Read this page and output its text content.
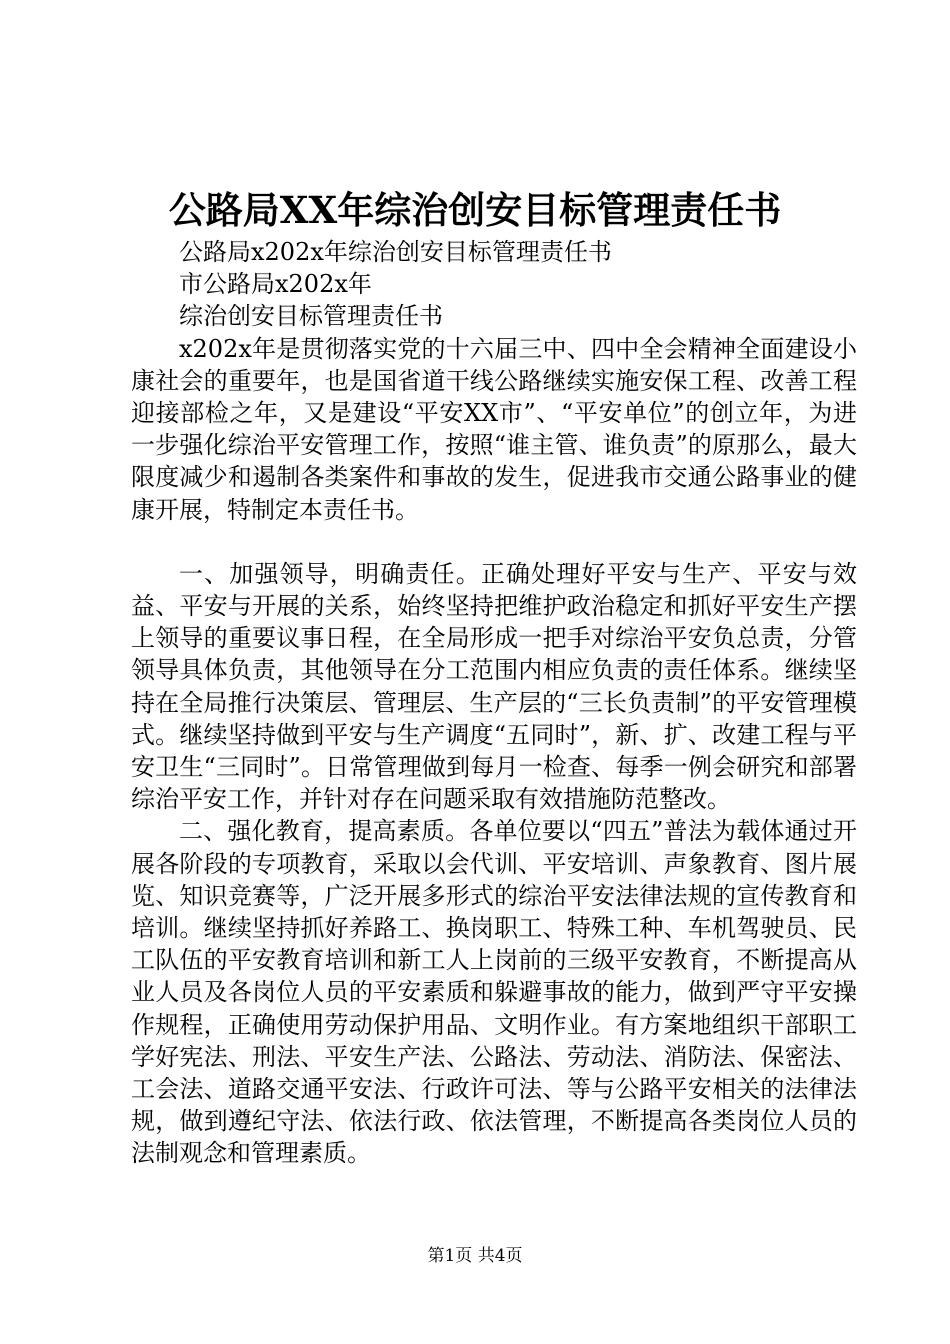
公路局XX年综治创安目标管理责任书

公路局x202x年综治创安目标管理责任书

市公路局x202x年

综治创安目标管理责任书

x202x年是贯彻落实党的十六届三中、四中全会精神全面建设小康社会的重要年，也是国省道干线公路继续实施安保工程、改善工程迎接部检之年，又是建设“平安XX市”、“平安单位”的创立年，为进一步强化综治平安管理工作，按照“谁主管、谁负责”的原那么，最大限度减少和遏制各类案件和事故的发生，促进我市交通公路事业的健康开展，特制定本责任书。

一、加强领导，明确责任。正确处理好平安与生产、平安与效益、平安与开展的关系，始终坚持把维护政治稳定和抓好平安生产摆上领导的重要议事日程，在全局形成一把手对综治平安负总责，分管领导具体负责，其他领导在分工范围内相应负责的责任体系。继续坚持在全局推行决策层、管理层、生产层的“三长负责制”的平安管理模式。继续坚持做到平安与生产调度“五同时”，新、扩、改建工程与平安卫生“三同时”。日常管理做到每月一检查、每季一例会研究和部署综治平安工作，并针对存在问题采取有效措施防范整改。

二、强化教育，提高素质。各单位要以“四五”普法为载体通过开展各阶段的专项教育，采取以会代训、平安培训、声象教育、图片展览、知识竞赛等，广泛开展多形式的综治平安法律法规的宣传教育和培训。继续坚持抓好养路工、换岗职工、特殊工种、车机驾驶员、民工队伍的平安教育培训和新工人上岗前的三级平安教育，不断提高从业人员及各岗位人员的平安素质和躲避事故的能力，做到严守平安操作规程，正确使用劳动保护用品、文明作业。有方案地组织干部职工学好宪法、刑法、平安生产法、公路法、劳动法、消防法、保密法、工会法、道路交通平安法、行政许可法、等与公路平安相关的法律法规，做到遵纪守法、依法行政、依法管理，不断提高各类岗位人员的法制观念和管理素质。

第1页 共4页
